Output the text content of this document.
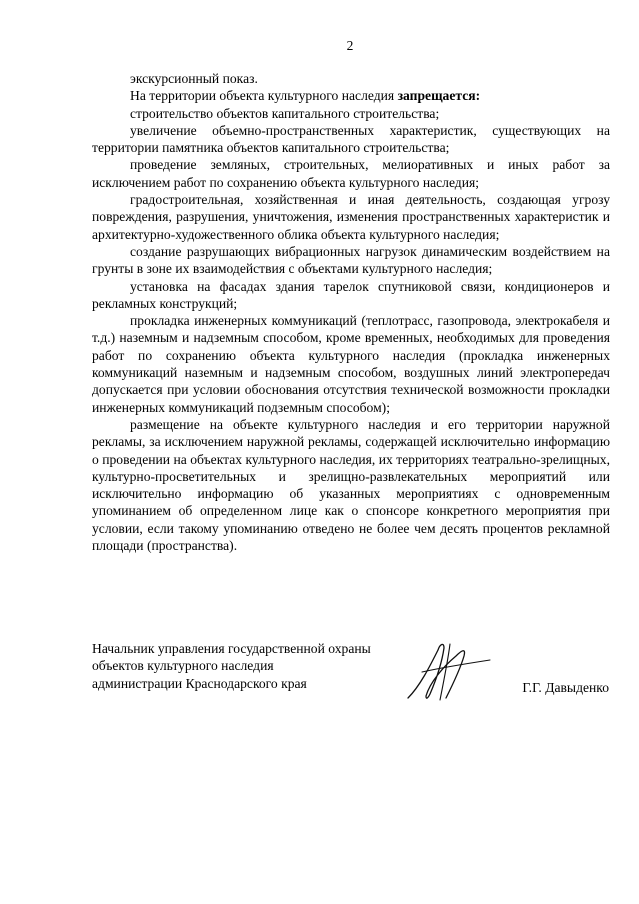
2

экскурсионный показ.

На территории объекта культурного наследия запрещается:

строительство объектов капитального строительства;

увеличение объемно-пространственных характеристик, существующих на территории памятника объектов капитального строительства;

проведение земляных, строительных, мелиоративных и иных работ за исключением работ по сохранению объекта культурного наследия;

градостроительная, хозяйственная и иная деятельность, создающая угрозу повреждения, разрушения, уничтожения, изменения пространственных характеристик и архитектурно-художественного облика объекта культурного наследия;

создание разрушающих вибрационных нагрузок динамическим воздействием на грунты в зоне их взаимодействия с объектами культурного наследия;

установка на фасадах здания тарелок спутниковой связи, кондиционеров и рекламных конструкций;

прокладка инженерных коммуникаций (теплотрасс, газопровода, электрокабеля и т.д.) наземным и надземным способом, кроме временных, необходимых для проведения работ по сохранению объекта культурного наследия (прокладка инженерных коммуникаций наземным и надземным способом, воздушных линий электропередач допускается при условии обоснования отсутствия технической возможности прокладки инженерных коммуникаций подземным способом);

размещение на объекте культурного наследия и его территории наружной рекламы, за исключением наружной рекламы, содержащей исключительно информацию о проведении на объектах культурного наследия, их территориях театрально-зрелищных, культурно-просветительных и зрелищно-развлекательных мероприятий или исключительно информацию об указанных мероприятиях с одновременным упоминанием об определенном лице как о спонсоре конкретного мероприятия при условии, если такому упоминанию отведено не более чем десять процентов рекламной площади (пространства).

Начальник управления государственной охраны
объектов культурного наследия
администрации Краснодарского края	Г.Г. Давыденко
